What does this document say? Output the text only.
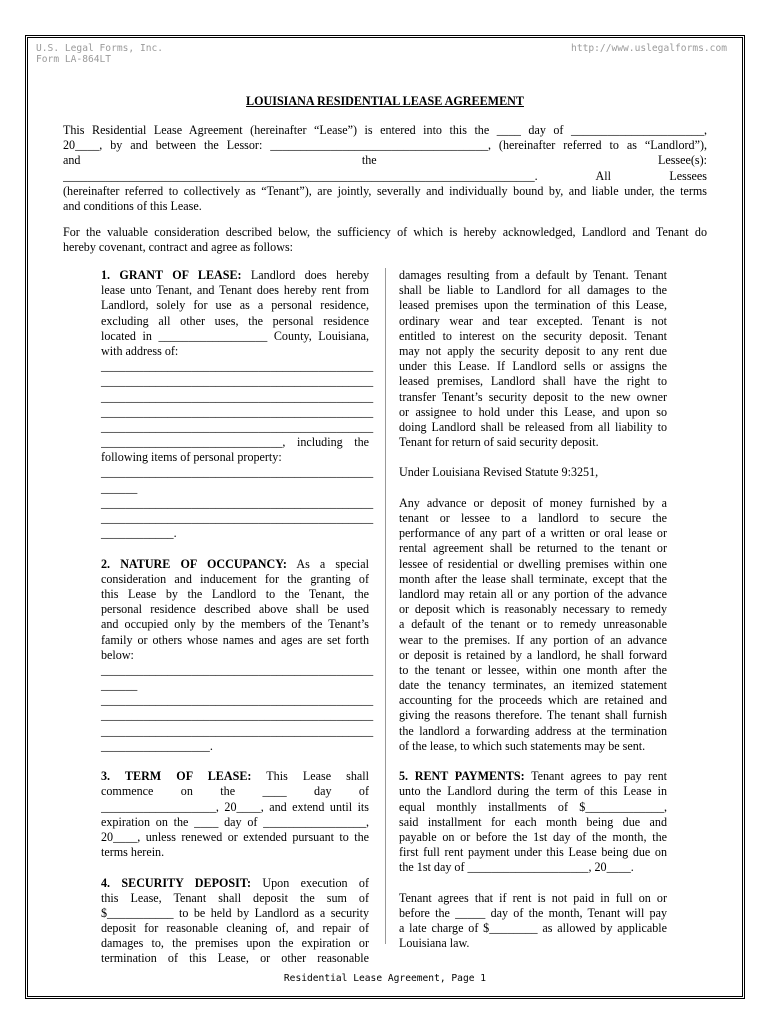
U.S. Legal Forms, Inc.
Form LA-864LT
http://www.uslegalforms.com
LOUISIANA RESIDENTIAL LEASE AGREEMENT
This Residential Lease Agreement (hereinafter “Lease”) is entered into this the ____ day of ______________________,
20____, by and between the Lessor: ____________________________________, (hereinafter referred to as “Landlord”),
and the Lessee(s):
______________________________________________________________________________. All Lessees
(hereinafter referred to collectively as “Tenant”), are jointly, severally and individually bound by, and liable under, the terms
and conditions of this Lease.
For the valuable consideration described below, the sufficiency of which is hereby acknowledged, Landlord and Tenant do
hereby covenant, contract and agree as follows:
1. GRANT OF LEASE: Landlord does hereby
lease unto Tenant, and Tenant does hereby rent from
Landlord, solely for use as a personal residence,
excluding all other uses, the personal residence
located in __________________ County, Louisiana,
with address of:
_____________________________________________
_____________________________________________
_____________________________________________
_____________________________________________
_____________________________________________
______________________________, including the
following items of personal property:
_____________________________________________
______
_____________________________________________
_____________________________________________
____________.
2. NATURE OF OCCUPANCY: As a special
consideration and inducement for the granting of
this Lease by the Landlord to the Tenant, the
personal residence described above shall be used
and occupied only by the members of the Tenant’s
family or others whose names and ages are set forth
below:
_____________________________________________
______
_____________________________________________
_____________________________________________
_____________________________________________
__________________.
3. TERM OF LEASE: This Lease shall
commence on the ____ day of
___________________, 20____, and extend until its
expiration on the ____ day of _________________,
20____, unless renewed or extended pursuant to the
terms herein.
4. SECURITY DEPOSIT: Upon execution of
this Lease, Tenant shall deposit the sum of
$___________ to be held by Landlord as a security
deposit for reasonable cleaning of, and repair of
damages to, the premises upon the expiration or
termination of this Lease, or other reasonable
damages resulting from a default by Tenant. Tenant
shall be liable to Landlord for all damages to the
leased premises upon the termination of this Lease,
ordinary wear and tear excepted. Tenant is not
entitled to interest on the security deposit. Tenant
may not apply the security deposit to any rent due
under this Lease. If Landlord sells or assigns the
leased premises, Landlord shall have the right to
transfer Tenant’s security deposit to the new owner
or assignee to hold under this Lease, and upon so
doing Landlord shall be released from all liability to
Tenant for return of said security deposit.
Under Louisiana Revised Statute 9:3251,
Any advance or deposit of money furnished by a
tenant or lessee to a landlord to secure the
performance of any part of a written or oral lease or
rental agreement shall be returned to the tenant or
lessee of residential or dwelling premises within one
month after the lease shall terminate, except that the
landlord may retain all or any portion of the advance
or deposit which is reasonably necessary to remedy
a default of the tenant or to remedy unreasonable
wear to the premises. If any portion of an advance
or deposit is retained by a landlord, he shall forward
to the tenant or lessee, within one month after the
date the tenancy terminates, an itemized statement
accounting for the proceeds which are retained and
giving the reasons therefore. The tenant shall furnish
the landlord a forwarding address at the termination
of the lease, to which such statements may be sent.
5. RENT PAYMENTS: Tenant agrees to pay rent
unto the Landlord during the term of this Lease in
equal monthly installments of $_____________,
said installment for each month being due and
payable on or before the 1st day of the month, the
first full rent payment under this Lease being due on
the 1st day of ____________________, 20____.
Tenant agrees that if rent is not paid in full on or
before the _____ day of the month, Tenant will pay
a late charge of $________ as allowed by applicable
Louisiana law.
Residential Lease Agreement, Page 1
